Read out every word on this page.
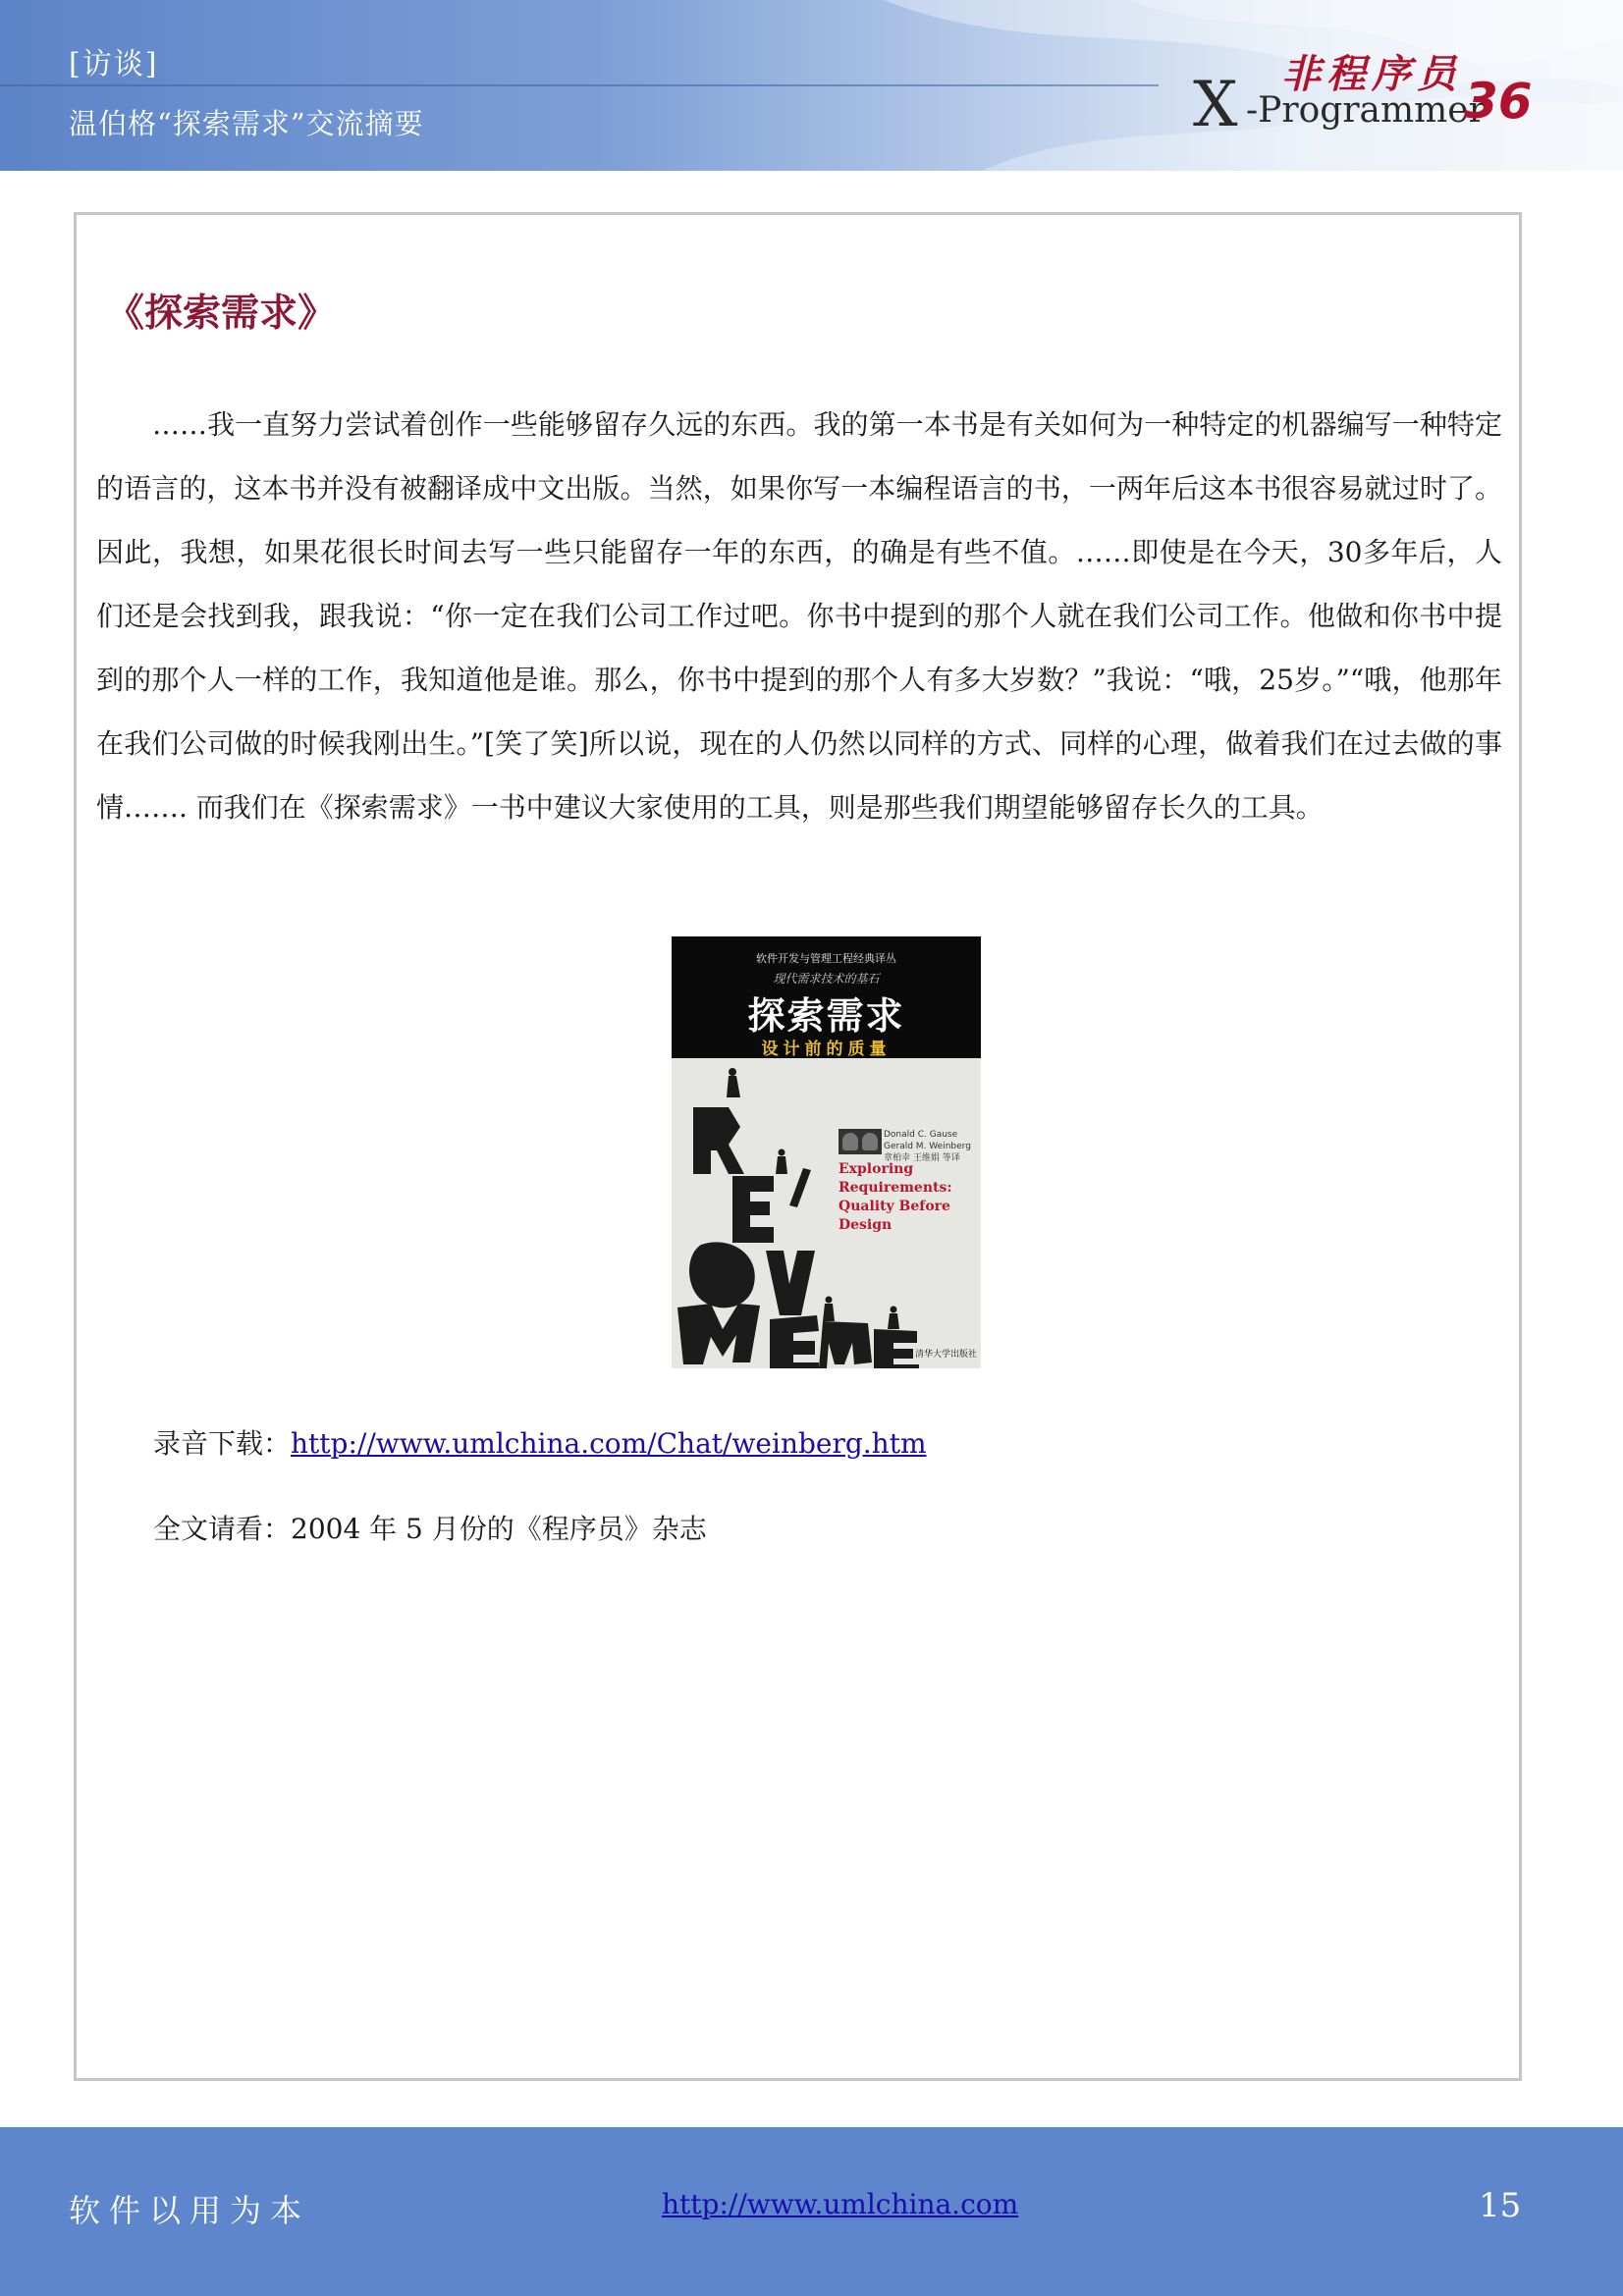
[访谈]
温伯格“探索需求”交流摘要
非程序员
X -Programmer
36
《探索需求》

……我一直努力尝试着创作一些能够留存久远的东西。我的第一本书是有关如何为一种特定的机器编写一种特定的语言的，这本书并没有被翻译成中文出版。当然，如果你写一本编程语言的书，一两年后这本书很容易就过时了。因此，我想，如果花很长时间去写一些只能留存一年的东西，的确是有些不值。……即使是在今天，30多年后，人们还是会找到我，跟我说：“你一定在我们公司工作过吧。你书中提到的那个人就在我们公司工作。他做和你书中提到的那个人一样的工作，我知道他是谁。那么，你书中提到的那个人有多大岁数？”我说：“哦，25岁。”“哦，他那年在我们公司做的时候我刚出生。”[笑了笑]所以说，现在的人仍然以同样的方式、同样的心理，做着我们在过去做的事情……. 而我们在《探索需求》一书中建议大家使用的工具，则是那些我们期望能够留存长久的工具。

软件开发与管理工程经典译丛
现代需求技术的基石
探索需求
设计前的质量
Donald C. Gause
Gerald M. Weinberg
章柏幸 王维娟 等译
Exploring Requirements: Quality Before Design
清华大学出版社
录音下载：http://www.umlchina.com/Chat/weinberg.htm
全文请看：2004 年 5 月份的《程序员》杂志
软件以用为本	http://www.umlchina.com	15
